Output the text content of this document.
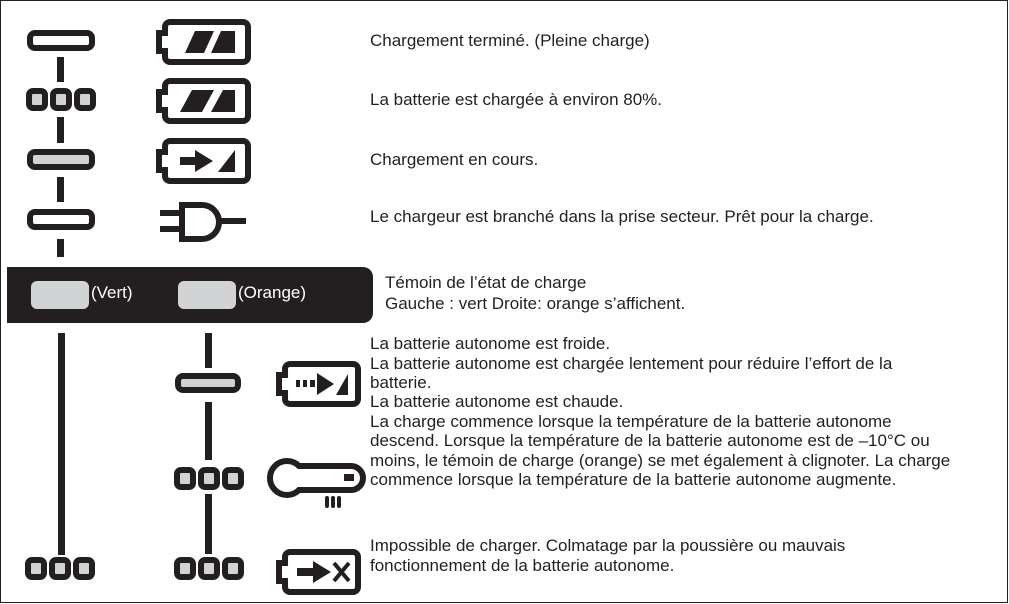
Chargement terminé. (Pleine charge)
La batterie est chargée à environ 80%.
Chargement en cours.
Le chargeur est branché dans la prise secteur. Prêt pour la charge.
(Vert)	(Orange)
Témoin de l’état de charge
Gauche : vert Droite: orange s’affichent.
La batterie autonome est froide.
La batterie autonome est chargée lentement pour réduire l’effort de la
batterie.
La batterie autonome est chaude.
La charge commence lorsque la température de la batterie autonome
descend. Lorsque la température de la batterie autonome est de –10°C ou
moins, le témoin de charge (orange) se met également à clignoter. La charge
commence lorsque la température de la batterie autonome augmente.
Impossible de charger. Colmatage par la poussière ou mauvais
fonctionnement de la batterie autonome.
